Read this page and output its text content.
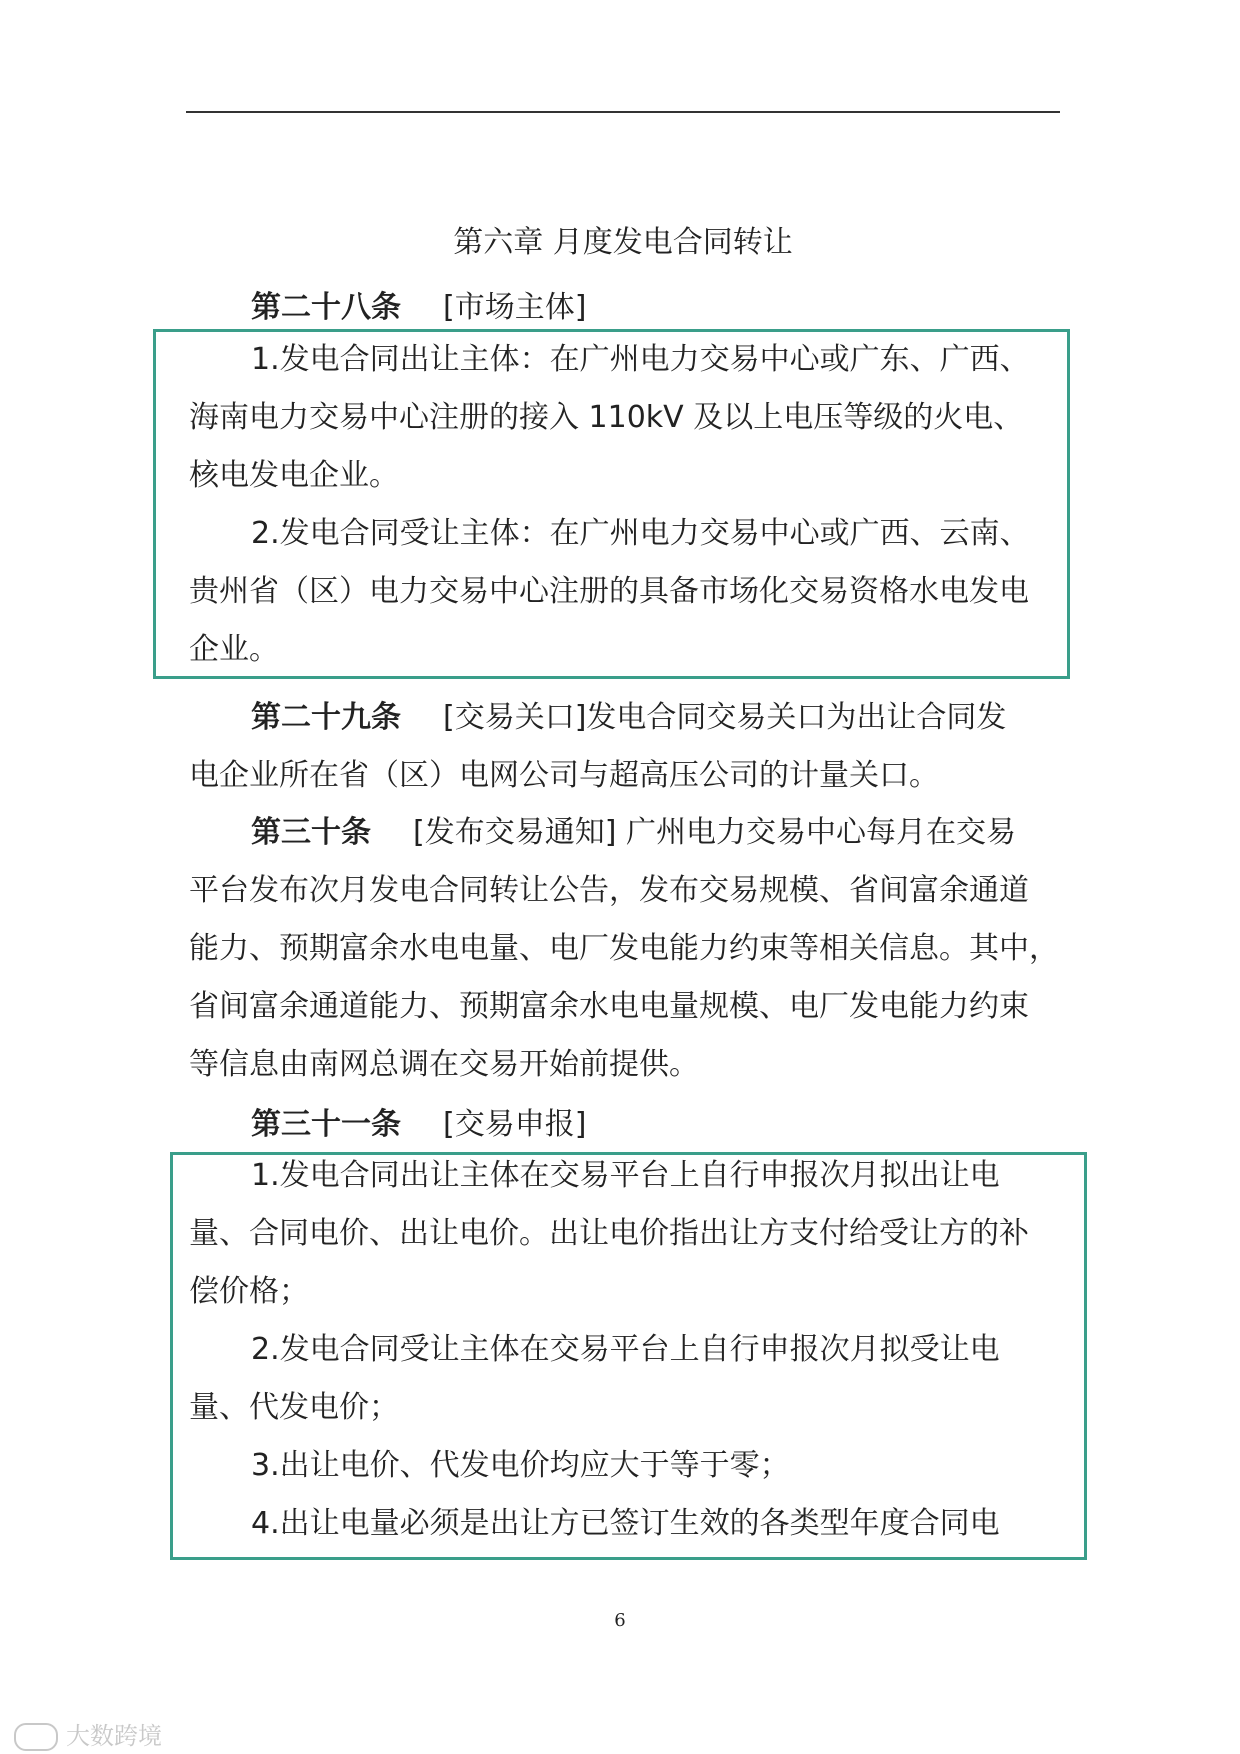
第六章 月度发电合同转让
第二十八条 [市场主体]
1.发电合同出让主体：在广州电力交易中心或广东、广西、
海南电力交易中心注册的接入 110kV 及以上电压等级的火电、
核电发电企业。
2.发电合同受让主体：在广州电力交易中心或广西、云南、
贵州省（区）电力交易中心注册的具备市场化交易资格水电发电
企业。
第二十九条 [交易关口]发电合同交易关口为出让合同发
电企业所在省（区）电网公司与超高压公司的计量关口。
第三十条 [发布交易通知] 广州电力交易中心每月在交易
平台发布次月发电合同转让公告，发布交易规模、省间富余通道
能力、预期富余水电电量、电厂发电能力约束等相关信息。其中，
省间富余通道能力、预期富余水电电量规模、电厂发电能力约束
等信息由南网总调在交易开始前提供。
第三十一条 [交易申报]
1.发电合同出让主体在交易平台上自行申报次月拟出让电
量、合同电价、出让电价。出让电价指出让方支付给受让方的补
偿价格；
2.发电合同受让主体在交易平台上自行申报次月拟受让电
量、代发电价；
3.出让电价、代发电价均应大于等于零；
4.出让电量必须是出让方已签订生效的各类型年度合同电
6
大数跨境
